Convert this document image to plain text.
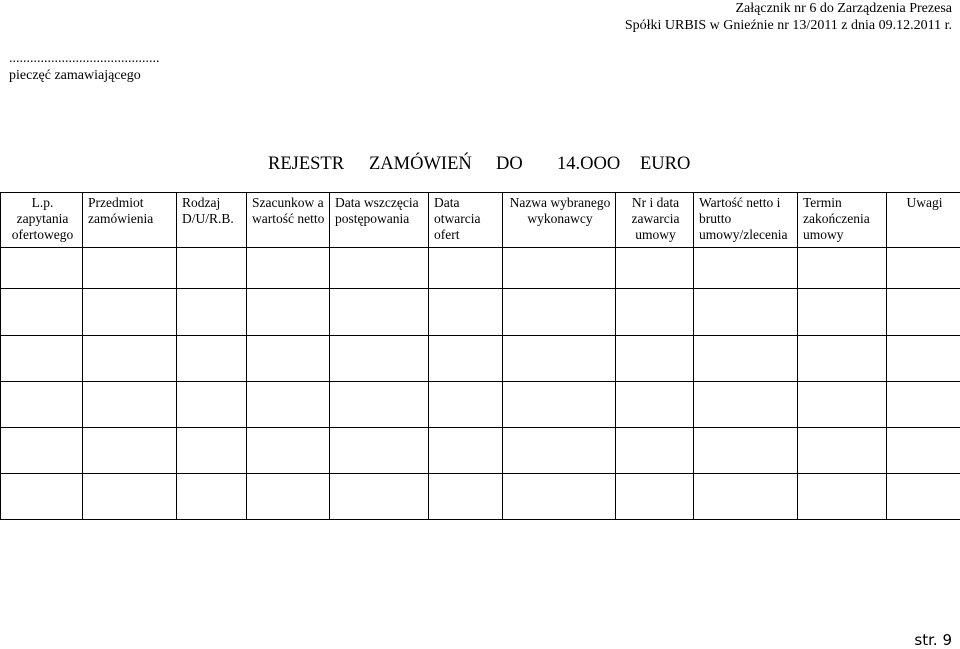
Załącznik nr 6 do Zarządzenia Prezesa
Spółki URBIS w Gnieźnie nr 13/2011 z dnia 09.12.2011 r.
...........................................
pieczęć zamawiającego

REJESTR

ZAMÓWIEŃ

DO

14.OOO

EURO

L.p. zapytania ofertowego	Przedmiot zamówienia	Rodzaj D/U/R.B.	Szacunkow a wartość netto	Data wszczęcia postępowania	Data otwarcia ofert	Nazwa wybranego wykonawcy	Nr i data zawarcia umowy	Wartość netto i brutto umowy/zlecenia	Termin zakończenia umowy	Uwagi

str. 9
